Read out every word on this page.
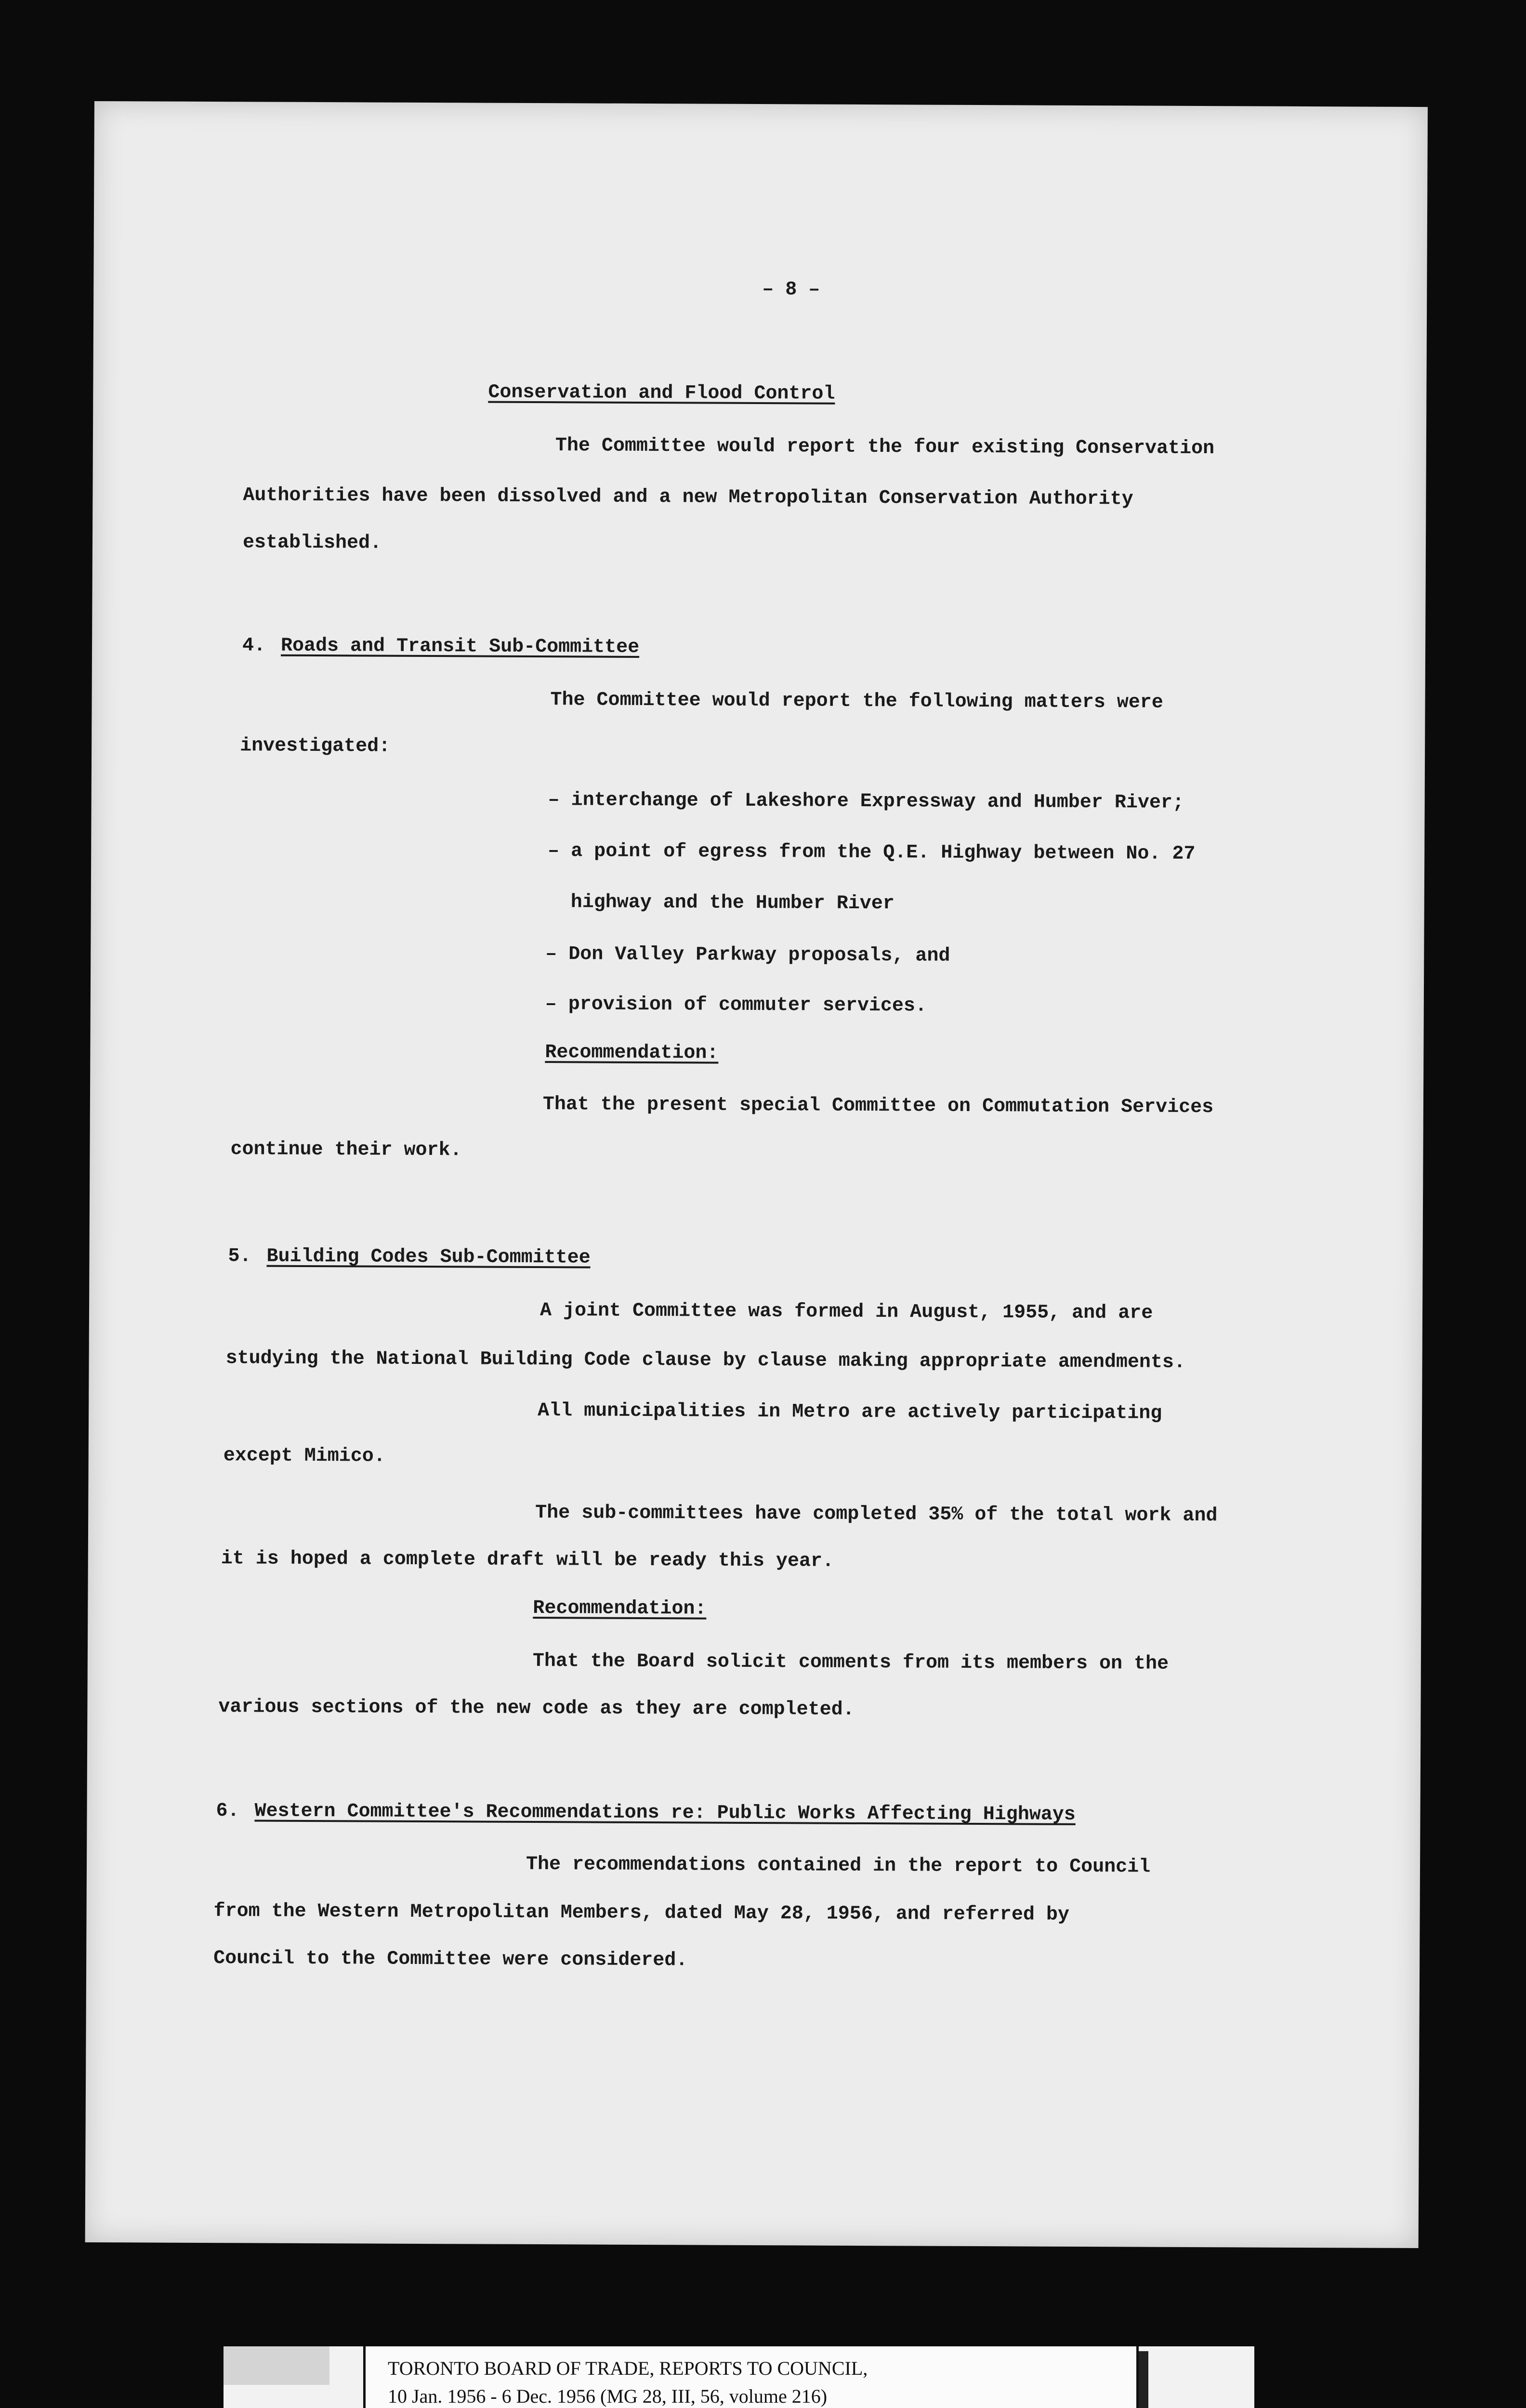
– 8 –
Conservation and Flood Control
The Committee would report the four existing Conservation
Authorities have been dissolved and a new Metropolitan Conservation Authority
established.
4. Roads and Transit Sub-Committee
The Committee would report the following matters were
investigated:
– interchange of Lakeshore Expressway and Humber River;
– a point of egress from the Q.E. Highway between No. 27
highway and the Humber River
– Don Valley Parkway proposals, and
– provision of commuter services.
Recommendation:
That the present special Committee on Commutation Services
continue their work.
5. Building Codes Sub-Committee
A joint Committee was formed in August, 1955, and are
studying the National Building Code clause by clause making appropriate amendments.
All municipalities in Metro are actively participating
except Mimico.
The sub-committees have completed 35% of the total work and
it is hoped a complete draft will be ready this year.
Recommendation:
That the Board solicit comments from its members on the
various sections of the new code as they are completed.
6. Western Committee's Recommendations re: Public Works Affecting Highways
The recommendations contained in the report to Council
from the Western Metropolitan Members, dated May 28, 1956, and referred by
Council to the Committee were considered.
TORONTO BOARD OF TRADE, REPORTS TO COUNCIL,
10 Jan. 1956 - 6 Dec. 1956 (MG 28, III, 56, volume 216)
